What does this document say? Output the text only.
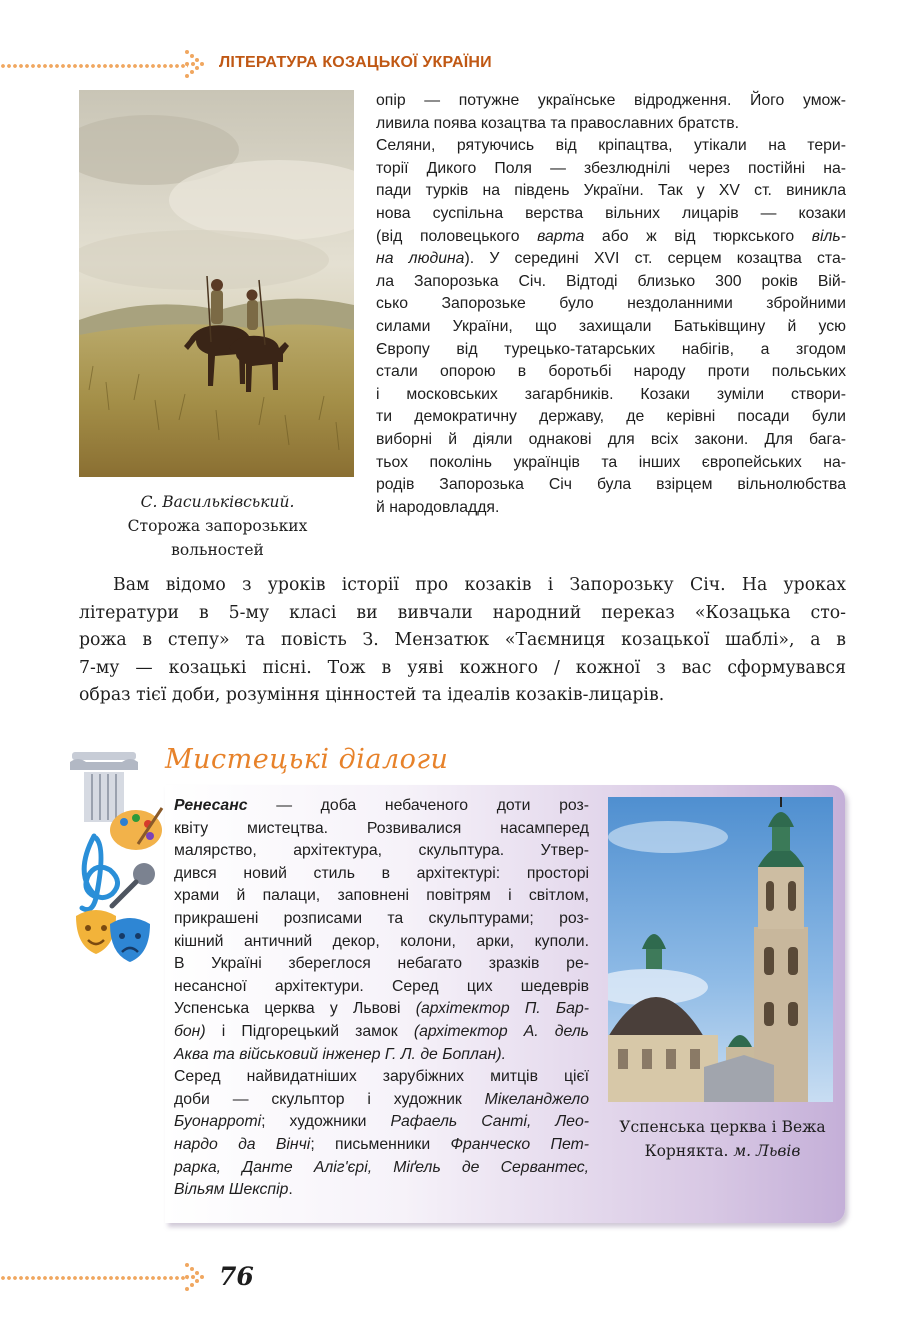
ЛІТЕРАТУРА КОЗАЦЬКОЇ УКРАЇНИ
С. Васильківський.
Сторожа запорозьких
вольностей
опір — потужне українське відродження. Його умож-
ливила поява козацтва та православних братств.
Селяни, рятуючись від кріпацтва, утікали на тери-
торії Дикого Поля — збезлюднілі через постійні на-
пади турків на південь України. Так у XV ст. виникла
нова суспільна верства вільних лицарів — козаки
(від половецького варта або ж від тюркського віль-
на людина). У середині XVI ст. серцем козацтва ста-
ла Запорозька Січ. Відтоді близько 300 років Вій-
сько Запорозьке було нездоланними збройними
силами України, що захищали Батьківщину й усю
Європу від турецько-татарських набігів, а згодом
стали опорою в боротьбі народу проти польських
і московських загарбників. Козаки зуміли створи-
ти демократичну державу, де керівні посади були
виборні й діяли однакові для всіх закони. Для бага-
тьох поколінь українців та інших європейських на-
родів Запорозька Січ була взірцем вільнолюбства
й народовладдя.
Вам відомо з уроків історії про козаків і Запорозьку Січ. На уроках
літератури в 5-му класі ви вивчали народний переказ «Козацька сто-
рожа в степу» та повість З. Мензатюк «Таємниця козацької шаблі», а в
7-му — козацькі пісні. Тож в уяві кожного / кожної з вас сформувався
образ тієї доби, розуміння цінностей та ідеалів козаків-лицарів.
Мистецькі діалоги
Ренесанс — доба небаченого доти роз-
квіту мистецтва. Розвивалися насамперед
малярство, архітектура, скульптура. Утвер-
дився новий стиль в архітектурі: просторі
храми й палаци, заповнені повітрям і світлом,
прикрашені розписами та скульптурами; роз-
кішний античний декор, колони, арки, куполи.
В Україні збереглося небагато зразків ре-
несансної архітектури. Серед цих шедеврів
Успенська церква у Львові (архітектор П. Бар-
бон) і Підгорецький замок (архітектор А. дель
Аква та військовий інженер Г. Л. де Боплан).
Серед найвидатніших зарубіжних митців цієї
доби — скульптор і художник Мікеланджело
Буонарроті; художники Рафаель Санті, Лео-
нардо да Вінчі; письменники Франческо Пет-
рарка, Данте Аліг'єрі, Міґель де Сервантес,
Вільям Шекспір.
Успенська церква і Вежа
Корнякта. м. Львів
76
